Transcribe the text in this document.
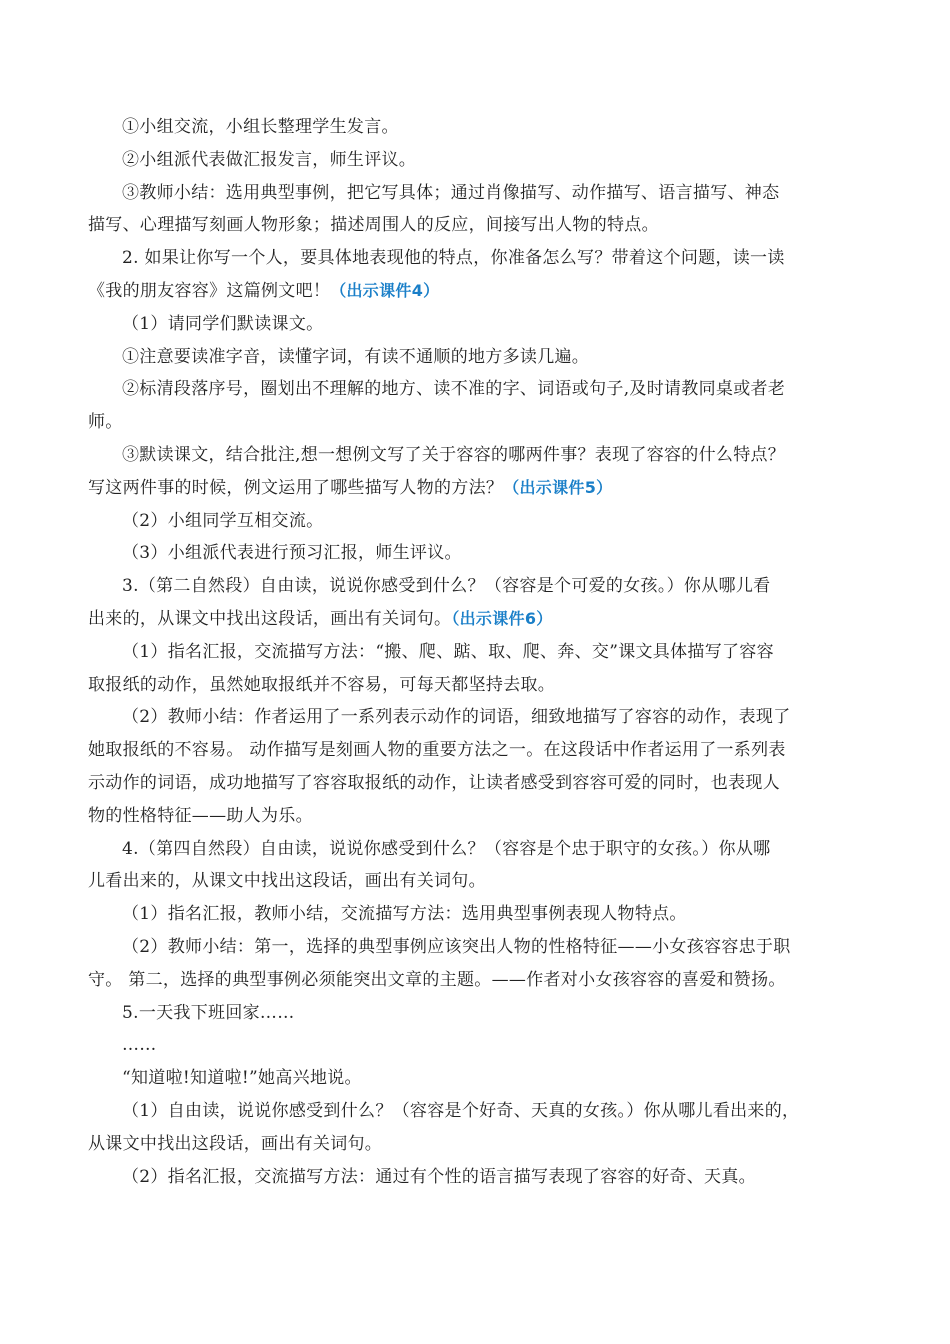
①小组交流，小组长整理学生发言。
②小组派代表做汇报发言，师生评议。
③教师小结：选用典型事例，把它写具体；通过肖像描写、动作描写、语言描写、神态
描写、心理描写刻画人物形象；描述周围人的反应，间接写出人物的特点。
2. 如果让你写一个人，要具体地表现他的特点，你准备怎么写？带着这个问题，读一读
《我的朋友容容》这篇例文吧！（出示课件4）
（1）请同学们默读课文。
①注意要读准字音，读懂字词，有读不通顺的地方多读几遍。
②标清段落序号，圈划出不理解的地方、读不准的字、词语或句子,及时请教同桌或者老
师。
③默读课文，结合批注,想一想例文写了关于容容的哪两件事？表现了容容的什么特点？
写这两件事的时候，例文运用了哪些描写人物的方法？（出示课件5）
（2）小组同学互相交流。
（3）小组派代表进行预习汇报，师生评议。
3.（第二自然段）自由读，说说你感受到什么？（容容是个可爱的女孩。）你从哪儿看
出来的，从课文中找出这段话，画出有关词句。（出示课件6）
（1）指名汇报，交流描写方法：“搬、爬、踮、取、爬、奔、交”课文具体描写了容容
取报纸的动作，虽然她取报纸并不容易，可每天都坚持去取。
（2）教师小结：作者运用了一系列表示动作的词语，细致地描写了容容的动作，表现了
她取报纸的不容易。 动作描写是刻画人物的重要方法之一。在这段话中作者运用了一系列表
示动作的词语，成功地描写了容容取报纸的动作，让读者感受到容容可爱的同时，也表现人
物的性格特征——助人为乐。
4.（第四自然段）自由读，说说你感受到什么？（容容是个忠于职守的女孩。）你从哪
儿看出来的，从课文中找出这段话，画出有关词句。
（1）指名汇报，教师小结，交流描写方法：选用典型事例表现人物特点。
（2）教师小结：第一，选择的典型事例应该突出人物的性格特征——小女孩容容忠于职
守。 第二，选择的典型事例必须能突出文章的主题。——作者对小女孩容容的喜爱和赞扬。
5.一天我下班回家……
……
“知道啦!知道啦!”她高兴地说。
（1）自由读，说说你感受到什么？（容容是个好奇、天真的女孩。）你从哪儿看出来的，
从课文中找出这段话，画出有关词句。
（2）指名汇报，交流描写方法：通过有个性的语言描写表现了容容的好奇、天真。
